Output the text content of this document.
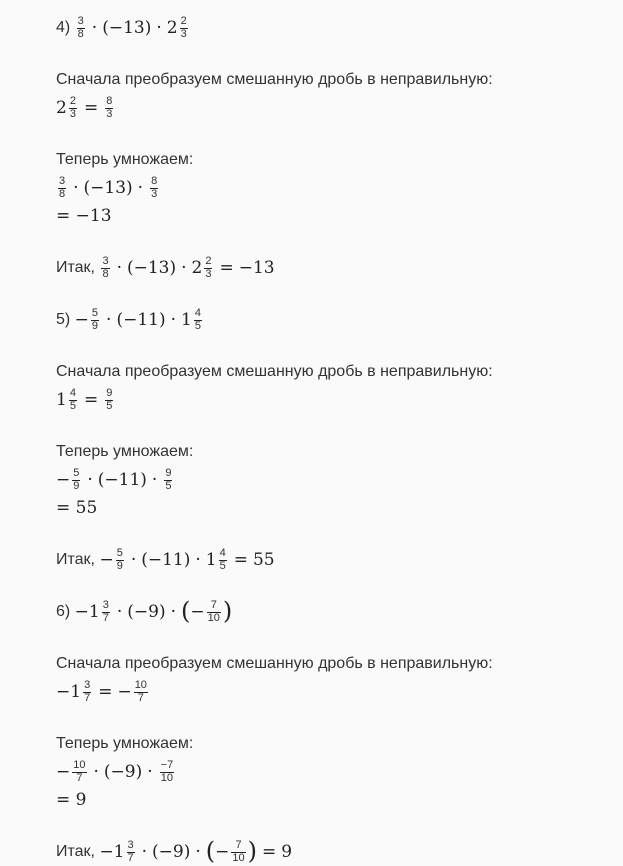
$4) \frac{3}{8} \cdot (-13) \cdot 2 \frac{2}{3}$
Сначала преобразуем смешанную дробь в неправильную:
$2 \frac{2}{3} = \frac{8}{3}$
Теперь умножаем:
$\frac{3}{8} \cdot (-13) \cdot \frac{8}{3}$
= −13
Итак, $\frac{3}{8} \cdot (-13) \cdot 2 \frac{2}{3} = -13$
$5) - \frac{5}{9} \cdot (-11) \cdot 1 \frac{4}{5}$
Сначала преобразуем смешанную дробь в неправильную:
$1 \frac{4}{5} = \frac{9}{5}$
Теперь умножаем:
− $\frac{5}{9} \cdot (-11) \cdot \frac{9}{5}$
= 55
Итак, − $\frac{5}{9} \cdot (-11) \cdot 1 \frac{4}{5} = 55$
$6) -1 \frac{3}{7} \cdot (-9)$ · ( − $\frac{7}{10}$ )
Сначала преобразуем смешанную дробь в неправильную:
$-1 \frac{3}{7}$ = − $\frac{10}{7}$
Теперь умножаем:
− $\frac{10}{7} \cdot (-9) \cdot \frac{-7}{10}$
= 9
Итак, $-1 \frac{3}{7} \cdot (-9)$ · ( − $\frac{7}{10}$ ) = 9
